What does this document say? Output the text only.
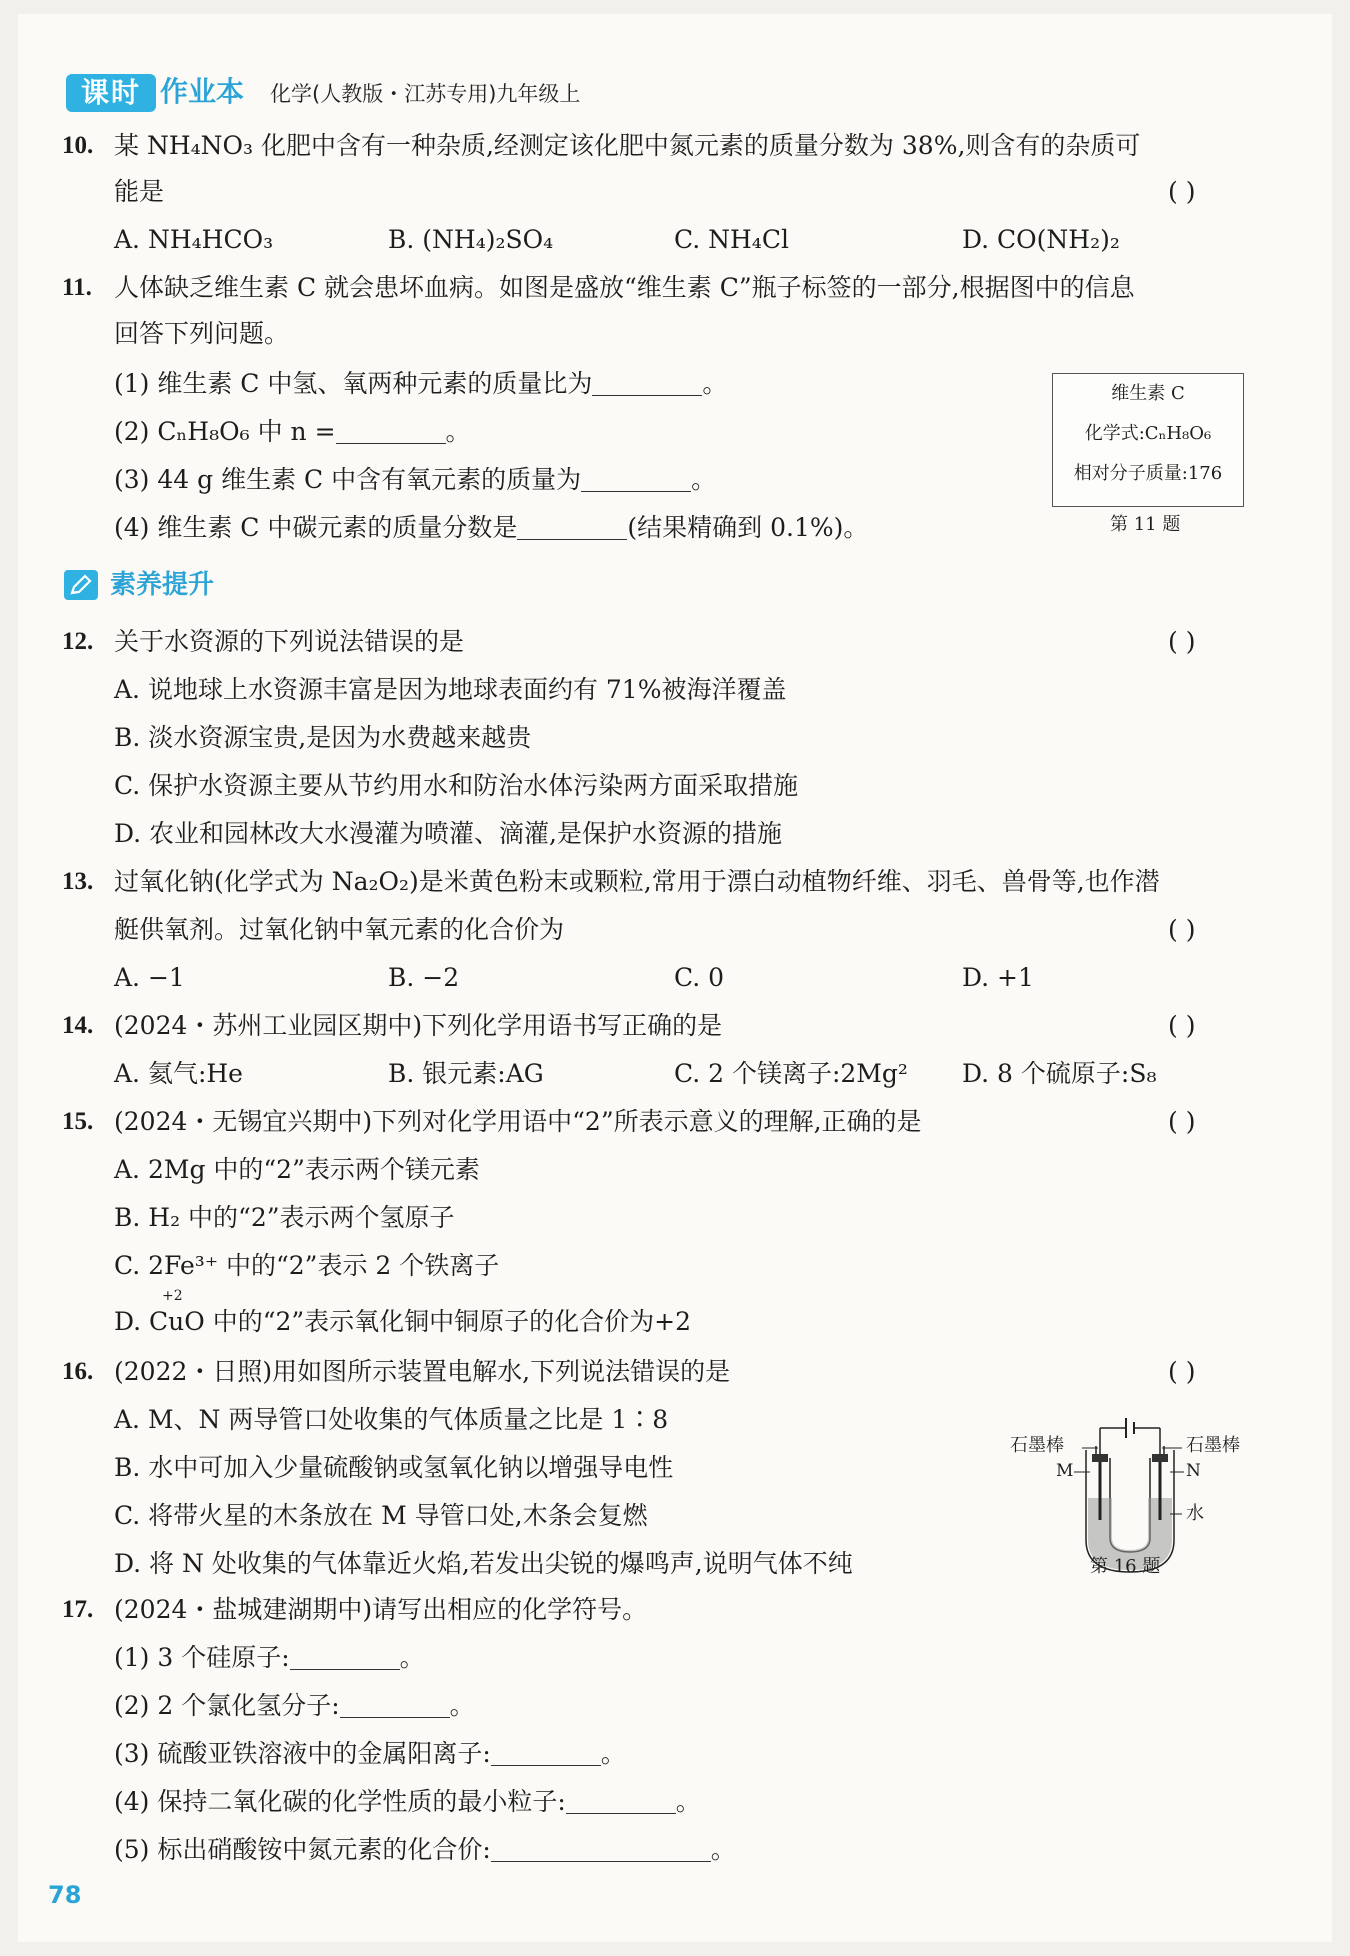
课时 作业本 化学(人教版・江苏专用)九年级上
10. 某 NH₄NO₃ 化肥中含有一种杂质,经测定该化肥中氮元素的质量分数为 38%,则含有的杂质可
能是	( )
A. NH₄HCO₃	B. (NH₄)₂SO₄	C. NH₄Cl	D. CO(NH₂)₂
11. 人体缺乏维生素 C 就会患坏血病。如图是盛放“维生素 C”瓶子标签的一部分,根据图中的信息
回答下列问题。
(1) 维生素 C 中氢、氧两种元素的质量比为	。
(2) CₙH₈O₆ 中 n =	。
(3) 44 g 维生素 C 中含有氧元素的质量为	。
(4) 维生素 C 中碳元素的质量分数是	(结果精确到 0.1%)。
维生素 C
化学式:CₙH₈O₆
相对分子质量:176
第 11 题
素养提升
12. 关于水资源的下列说法错误的是	( )
A. 说地球上水资源丰富是因为地球表面约有 71%被海洋覆盖
B. 淡水资源宝贵,是因为水费越来越贵
C. 保护水资源主要从节约用水和防治水体污染两方面采取措施
D. 农业和园林改大水漫灌为喷灌、滴灌,是保护水资源的措施
13. 过氧化钠(化学式为 Na₂O₂)是米黄色粉末或颗粒,常用于漂白动植物纤维、羽毛、兽骨等,也作潜
艇供氧剂。过氧化钠中氧元素的化合价为	( )
A. −1	B. −2	C. 0	D. +1
14. (2024・苏州工业园区期中)下列化学用语书写正确的是	( )
A. 氦气:He	B. 银元素:AG	C. 2 个镁离子:2Mg² D. 8 个硫原子:S₈
15. (2024・无锡宜兴期中)下列对化学用语中“2”所表示意义的理解,正确的是	( )
A. 2Mg 中的“2”表示两个镁元素
B. H₂ 中的“2”表示两个氢原子
C. 2Fe³⁺ 中的“2”表示 2 个铁离子
+2
D. CuO 中的“2”表示氧化铜中铜原子的化合价为+2
16. (2022・日照)用如图所示装置电解水,下列说法错误的是	( )
A. M、N 两导管口处收集的气体质量之比是 1∶8
B. 水中可加入少量硫酸钠或氢氧化钠以增强导电性
C. 将带火星的木条放在 M 导管口处,木条会复燃
D. 将 N 处收集的气体靠近火焰,若发出尖锐的爆鸣声,说明气体不纯
石墨棒	石墨棒
M	N
水
第 16 题
17. (2024・盐城建湖期中)请写出相应的化学符号。
(1) 3 个硅原子:	。
(2) 2 个氯化氢分子:	。
(3) 硫酸亚铁溶液中的金属阳离子:	。
(4) 保持二氧化碳的化学性质的最小粒子:	。
(5) 标出硝酸铵中氮元素的化合价:	。
78
